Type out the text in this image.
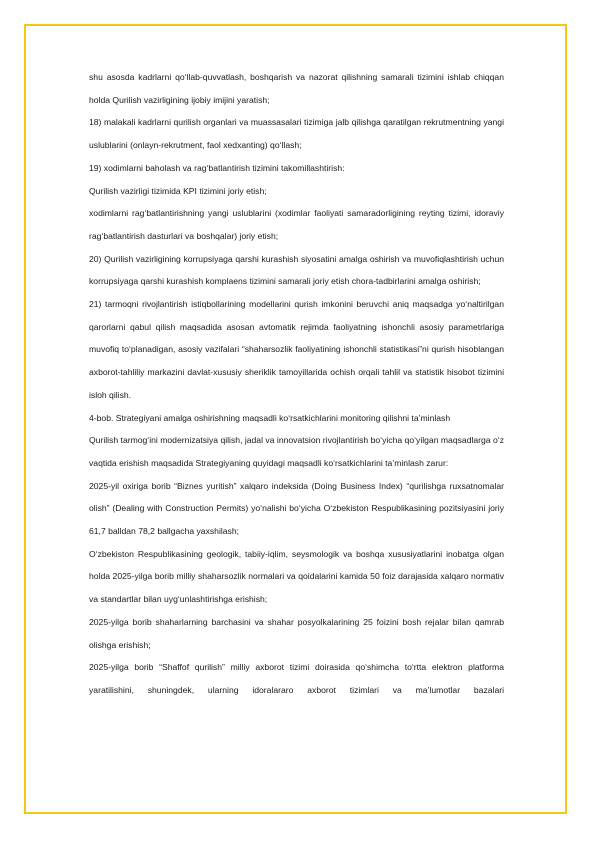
shu asosda kadrlarni qo‘llab-quvvatlash, boshqarish va nazorat qilishning samarali tizimini ishlab chiqqan holda Qurilish vazirligining ijobiy imijini yaratish;

18) malakali kadrlarni qurilish organlari va muassasalari tizimiga jalb qilishga qaratilgan rekrutmentning yangi uslublarini (onlayn-rekrutment, faol xedxanting) qo‘llash;

19) xodimlarni baholash va rag‘batlantirish tizimini takomillashtirish:

Qurilish vazirligi tizimida KPI tizimini joriy etish;

xodimlarni rag‘batlantirishning yangi uslublarini (xodimlar faoliyati samaradorligining reyting tizimi, idoraviy rag‘batlantirish dasturlari va boshqalar) joriy etish;

20) Qurilish vazirligining korrupsiyaga qarshi kurashish siyosatini amalga oshirish va muvofiqlashtirish uchun korrupsiyaga qarshi kurashish komplaens tizimini samarali joriy etish chora-tadbirlarini amalga oshirish;

21) tarmoqni rivojlantirish istiqbollarining modellarini qurish imkonini beruvchi aniq maqsadga yo‘naltirilgan qarorlarni qabul qilish maqsadida asosan avtomatik rejimda faoliyatning ishonchli asosiy parametrlariga muvofiq to‘planadigan, asosiy vazifalari “shaharsozlik faoliyatining ishonchli statistikasi”ni qurish hisoblangan axborot-tahliliy markazini davlat-xususiy sheriklik tamoyillarida ochish orqali tahlil va statistik hisobot tizimini isloh qilish.

4-bob. Strategiyani amalga oshirishning maqsadli ko‘rsatkichlarini monitoring qilishni ta’minlash

Qurilish tarmog‘ini modernizatsiya qilish, jadal va innovatsion rivojlantirish bo‘yicha qo‘yilgan maqsadlarga o‘z vaqtida erishish maqsadida Strategiyaning quyidagi maqsadli ko‘rsatkichlarini ta’minlash zarur:

2025-yil oxiriga borib “Biznes yuritish” xalqaro indeksida (Doing Business Index) “qurilishga ruxsatnomalar olish” (Dealing with Construction Permits) yo‘nalishi bo‘yicha O‘zbekiston Respublikasining pozitsiyasini joriy 61,7 balldan 78,2 ballgacha yaxshilash;

O‘zbekiston Respublikasining geologik, tabiiy-iqlim, seysmologik va boshqa xususiyatlarini inobatga olgan holda 2025-yilga borib milliy shaharsozlik normalari va qoidalarini kamida 50 foiz darajasida xalqaro normativ va standartlar bilan uyg‘unlashtirishga erishish;

2025-yilga borib shaharlarning barchasini va shahar posyolkalarining 25 foizini bosh rejalar bilan qamrab olishga erishish;

2025-yilga borib “Shaffof qurilish” milliy axborot tizimi doirasida qo‘shimcha to‘rtta elektron platforma yaratilishini, shuningdek, ularning idoralararo axborot tizimlari va ma’lumotlar bazalari
